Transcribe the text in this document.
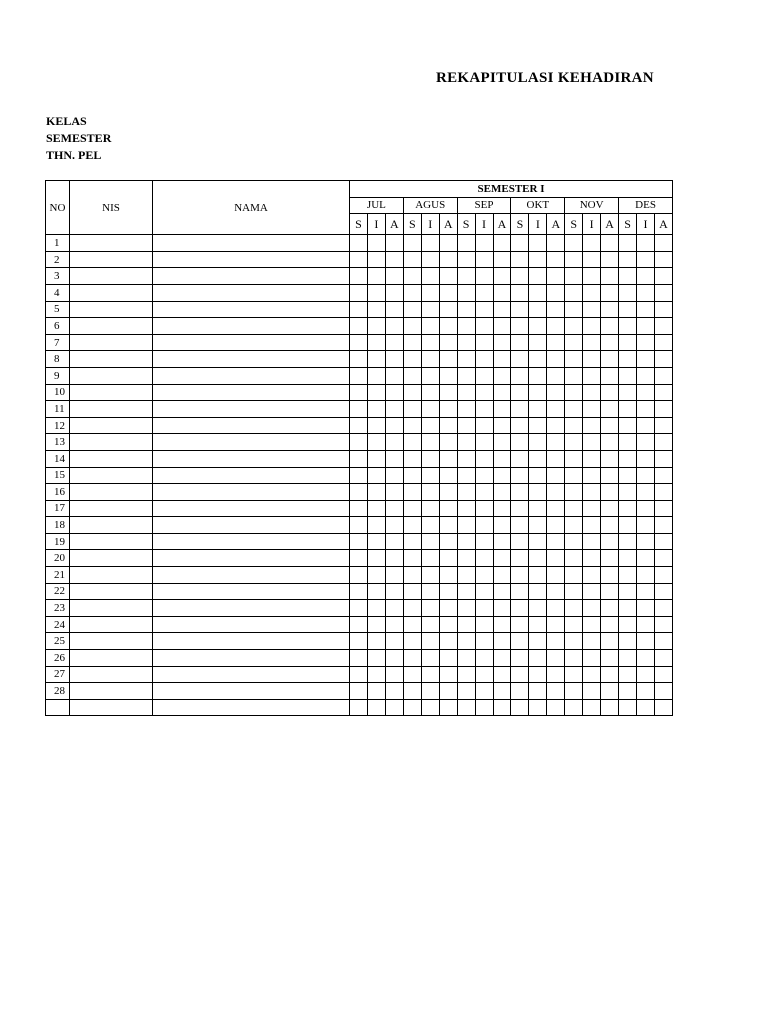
REKAPITULASI KEHADIRAN
KELAS
SEMESTER
THN. PEL
NO	NIS	NAMA	SEMESTER I																	
			JUL			AGUS			SEP			OKT			NOV			DES		
			S	I	A	S	I	A	S	I	A	S	I	A	S	I	A	S	I	A
1																				
2																				
3																				
4																				
5																				
6																				
7																				
8																				
9																				
10																				
11																				
12																				
13																				
14																				
15																				
16																				
17																				
18																				
19																				
20																				
21																				
22																				
23																				
24																				
25																				
26																				
27																				
28																				
